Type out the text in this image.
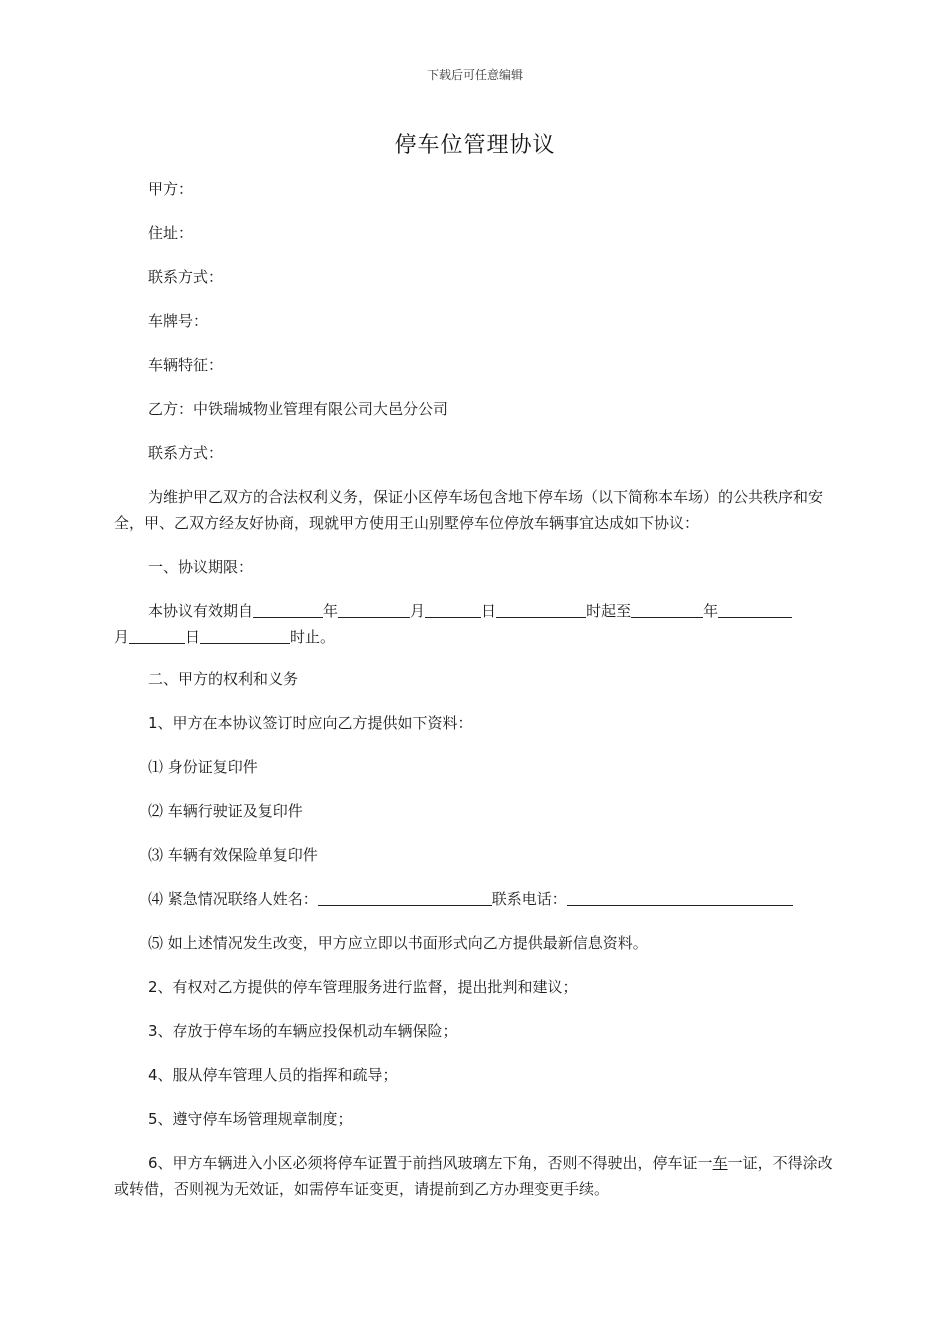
下载后可任意编辑
停车位管理协议
甲方：
住址：
联系方式：
车牌号：
车辆特征：
乙方：中铁瑞城物业管理有限公司大邑分公司
联系方式：
为维护甲乙双方的合法权利义务，保证小区停车场包含地下停车场（以下简称本车场）的公共秩序和安全，甲、乙双方经友好协商，现就甲方使用王山别墅停车位停放车辆事宜达成如下协议：
一、协议期限：
本协议有效期自	年	月	日	时起至	年
月	日	时止。
二、甲方的权利和义务
1、甲方在本协议签订时应向乙方提供如下资料：
⑴ 身份证复印件
⑵ 车辆行驶证及复印件
⑶ 车辆有效保险单复印件
⑷ 紧急情况联络人姓名：	联系电话：
⑸ 如上述情况发生改变，甲方应立即以书面形式向乙方提供最新信息资料。
2、有权对乙方提供的停车管理服务进行监督，提出批判和建议；
3、存放于停车场的车辆应投保机动车辆保险；
4、服从停车管理人员的指挥和疏导；
5、遵守停车场管理规章制度；
6、甲方车辆进入小区必须将停车证置于前挡风玻璃左下角，否则不得驶出，停车证一车一证，不得涂改或转借，否则视为无效证，如需停车证变更，请提前到乙方办理变更手续。
